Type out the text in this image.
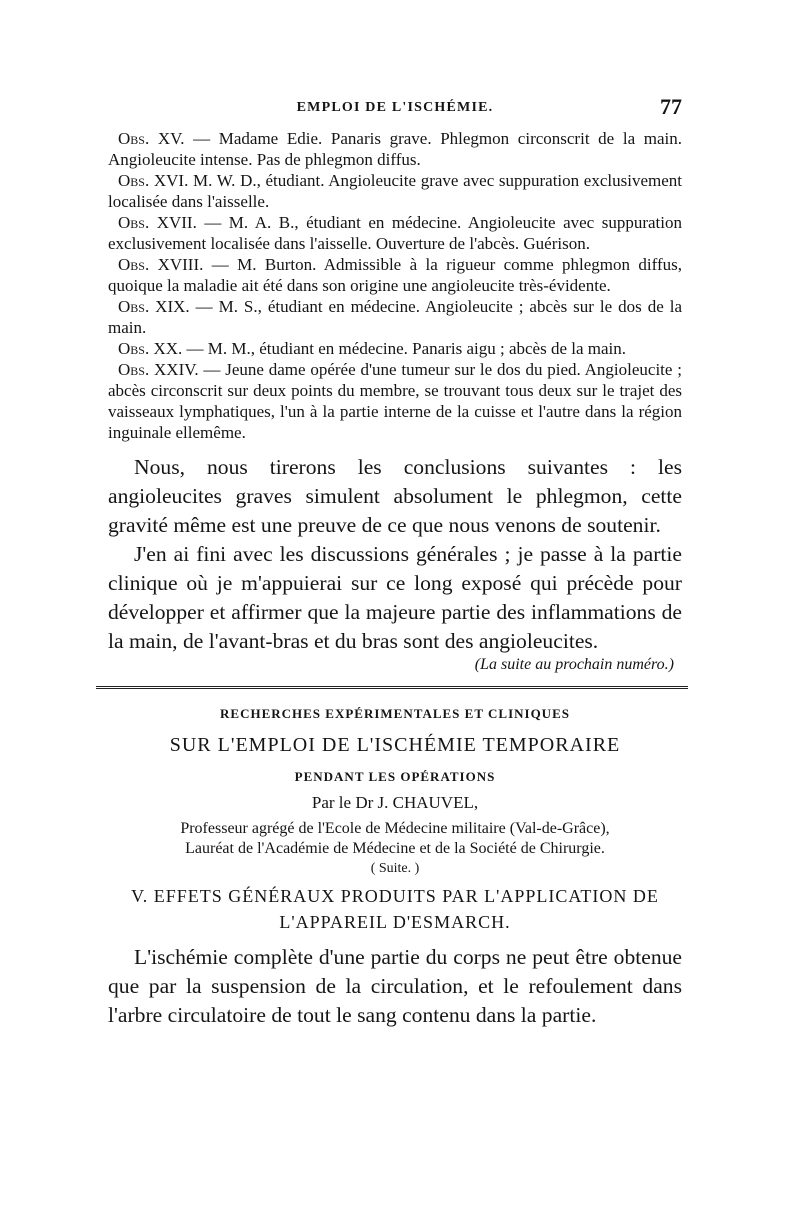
EMPLOI DE L'ISCHÉMIE.	77

Obs. XV. — Madame Edie. Panaris grave. Phlegmon circonscrit de la main. Angioleucite intense. Pas de phlegmon diffus.

Obs. XVI. M. W. D., étudiant. Angioleucite grave avec suppuration exclusivement localisée dans l'aisselle.

Obs. XVII. — M. A. B., étudiant en médecine. Angioleucite avec suppuration exclusivement localisée dans l'aisselle. Ouverture de l'abcès. Guérison.

Obs. XVIII. — M. Burton. Admissible à la rigueur comme phlegmon diffus, quoique la maladie ait été dans son origine une angioleucite très-évidente.

Obs. XIX. — M. S., étudiant en médecine. Angioleucite ; abcès sur le dos de la main.

Obs. XX. — M. M., étudiant en médecine. Panaris aigu ; abcès de la main.

Obs. XXIV. — Jeune dame opérée d'une tumeur sur le dos du pied. Angioleucite ; abcès circonscrit sur deux points du membre, se trouvant tous deux sur le trajet des vaisseaux lymphatiques, l'un à la partie interne de la cuisse et l'autre dans la région inguinale ellemême.

Nous, nous tirerons les conclusions suivantes : les angioleucites graves simulent absolument le phlegmon, cette gravité même est une preuve de ce que nous venons de soutenir.

J'en ai fini avec les discussions générales ; je passe à la partie clinique où je m'appuierai sur ce long exposé qui précède pour développer et affirmer que la majeure partie des inflammations de la main, de l'avant-bras et du bras sont des angioleucites.

(La suite au prochain numéro.)
RECHERCHES EXPÉRIMENTALES ET CLINIQUES
SUR L'EMPLOI DE L'ISCHÉMIE TEMPORAIRE
PENDANT LES OPÉRATIONS
Par le Dr J. CHAUVEL,
Professeur agrégé de l'Ecole de Médecine militaire (Val-de-Grâce),
Lauréat de l'Académie de Médecine et de la Société de Chirurgie.
( Suite. )
V. EFFETS GÉNÉRAUX PRODUITS PAR L'APPLICATION DE L'APPAREIL D'ESMARCH.

L'ischémie complète d'une partie du corps ne peut être obtenue que par la suspension de la circulation, et le refoulement dans l'arbre circulatoire de tout le sang contenu dans la partie.
